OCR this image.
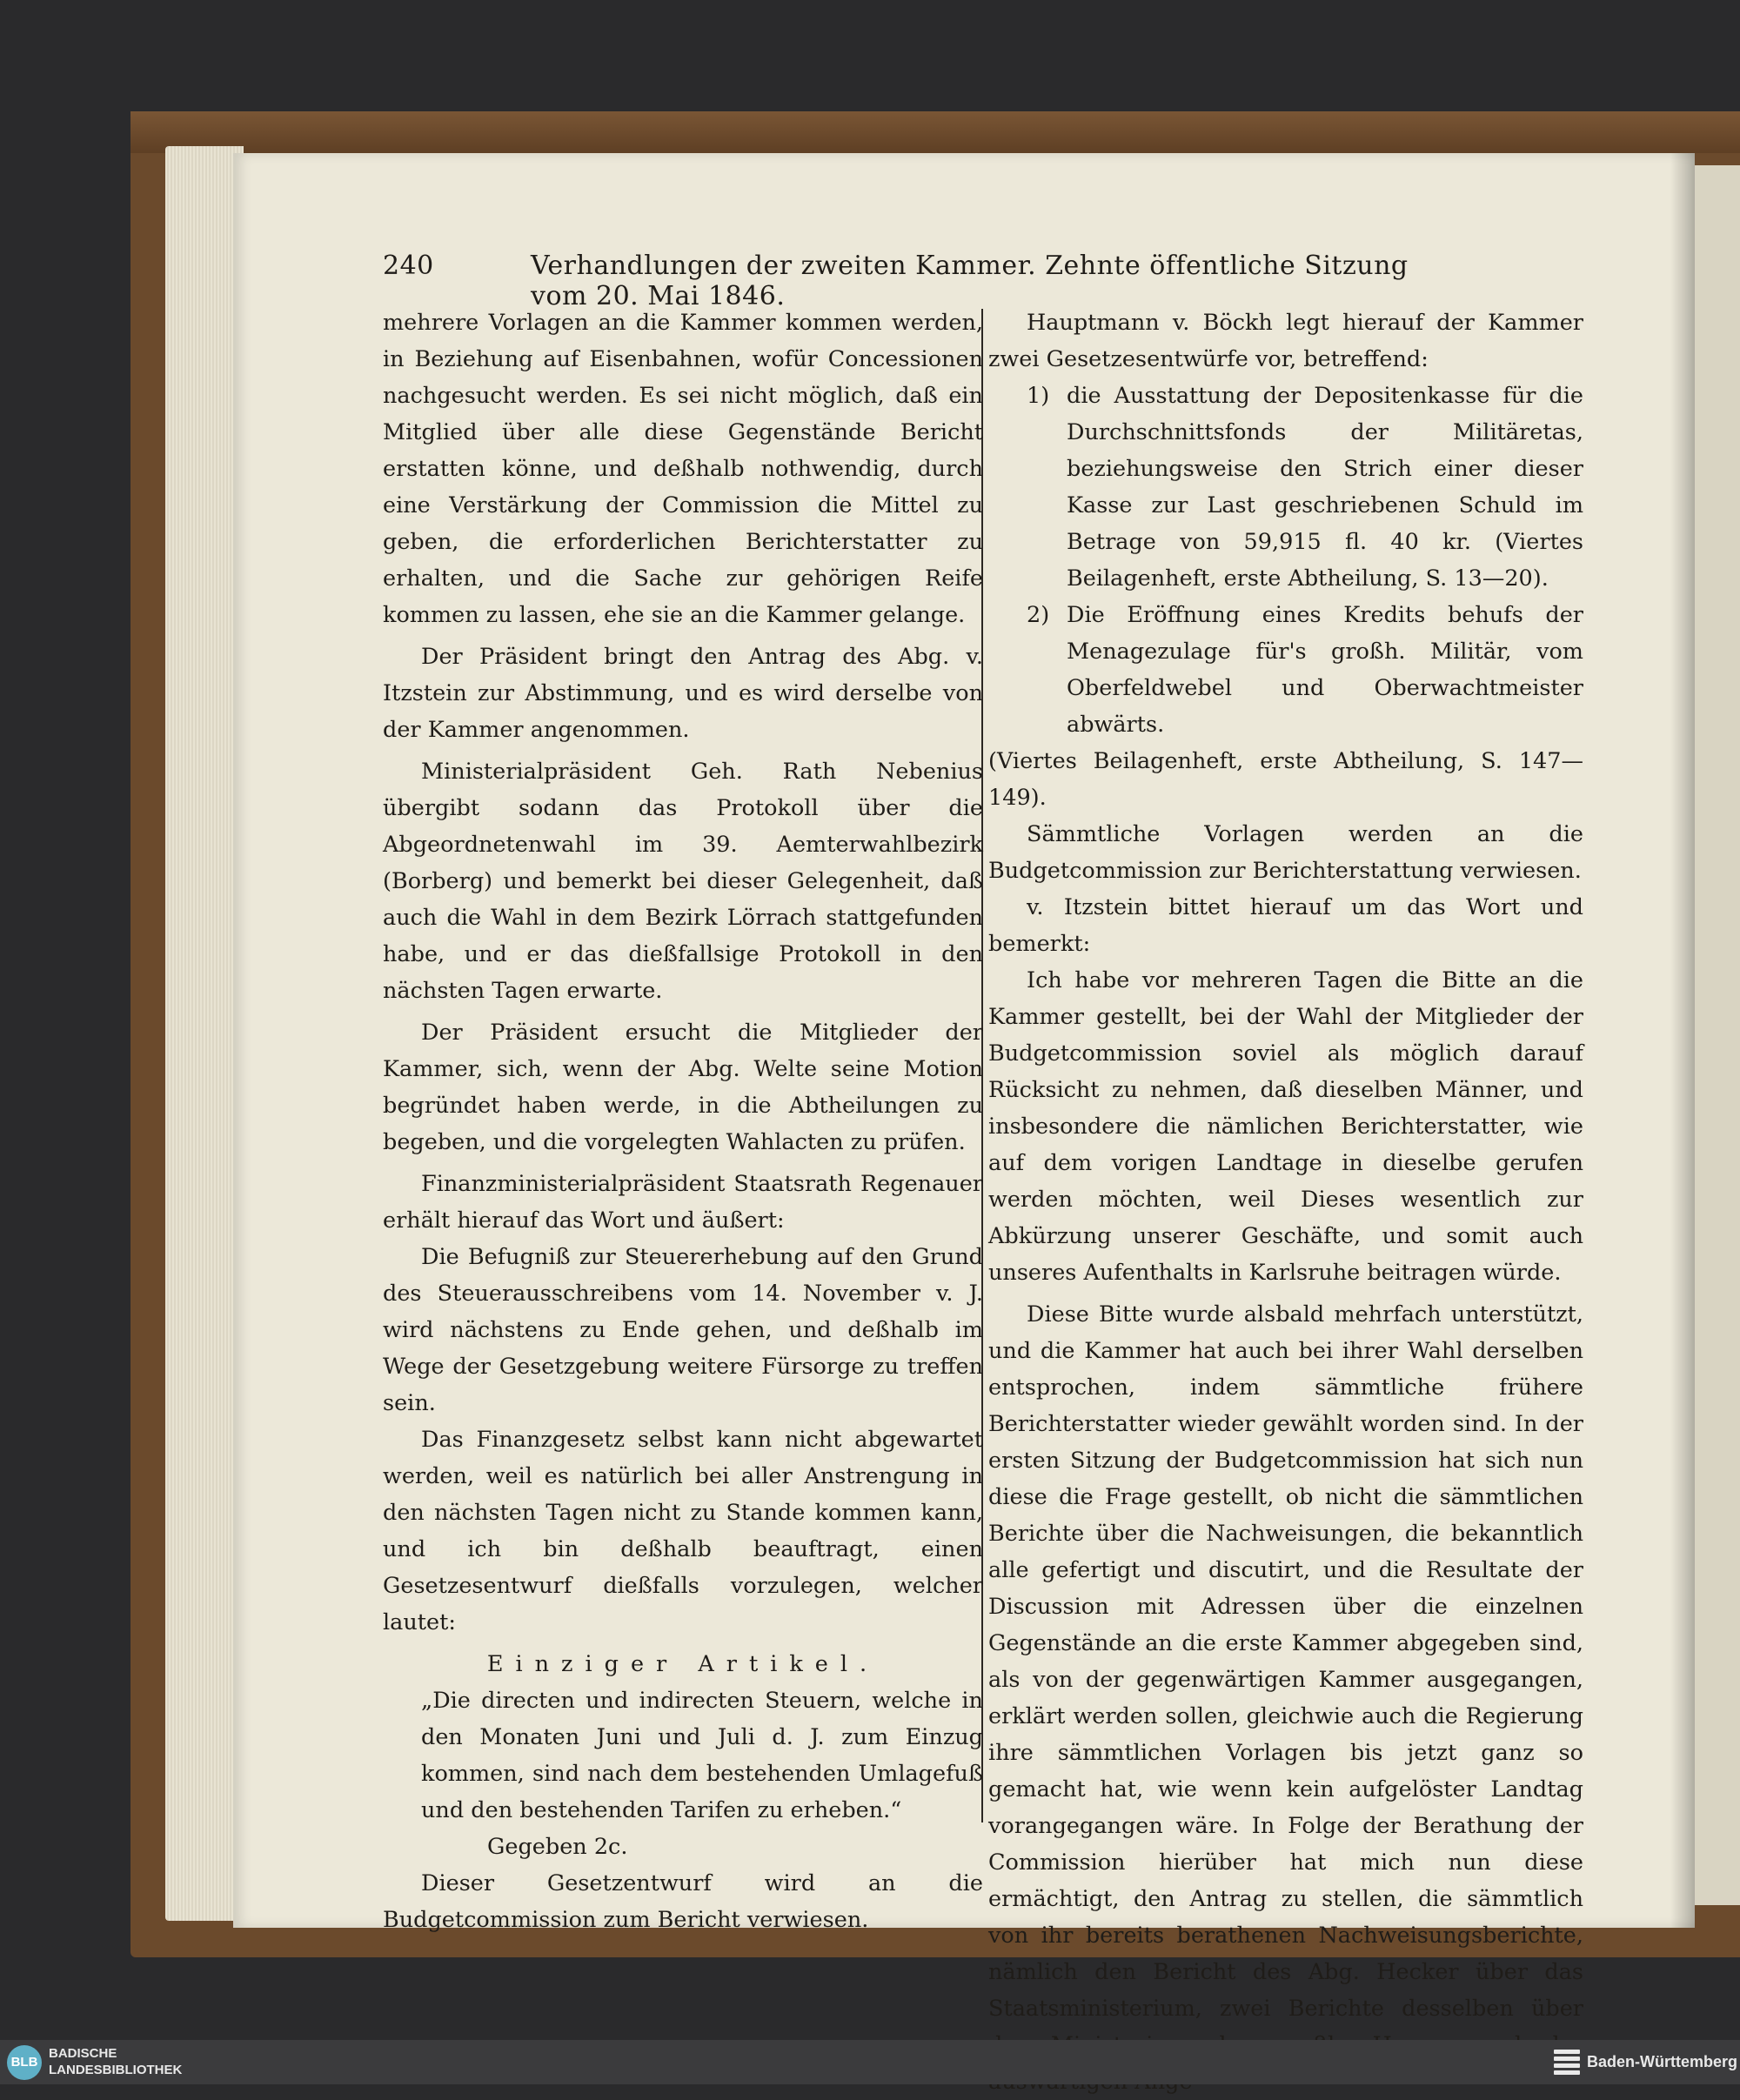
240	Verhandlungen der zweiten Kammer. Zehnte öffentliche Sitzung vom 20. Mai 1846.

mehrere Vorlagen an die Kammer kommen werden, in Beziehung auf Eisenbahnen, wofür Concessionen nachgesucht werden. Es sei nicht möglich, daß ein Mitglied über alle diese Gegenstände Bericht erstatten könne, und deßhalb nothwendig, durch eine Verstärkung der Commission die Mittel zu geben, die erforderlichen Berichterstatter zu erhalten, und die Sache zur gehörigen Reife kommen zu lassen, ehe sie an die Kammer gelange.

Der Präsident bringt den Antrag des Abg. v. Itzstein zur Abstimmung, und es wird derselbe von der Kammer angenommen.

Ministerialpräsident Geh. Rath Nebenius übergibt sodann das Protokoll über die Abgeordnetenwahl im 39. Aemterwahlbezirk (Borberg) und bemerkt bei dieser Gelegenheit, daß auch die Wahl in dem Bezirk Lörrach stattgefunden habe, und er das dießfallsige Protokoll in den nächsten Tagen erwarte.

Der Präsident ersucht die Mitglieder der Kammer, sich, wenn der Abg. Welte seine Motion begründet haben werde, in die Abtheilungen zu begeben, und die vorgelegten Wahlacten zu prüfen.

Finanzministerialpräsident Staatsrath Regenauer erhält hierauf das Wort und äußert:

Die Befugniß zur Steuererhebung auf den Grund des Steuerausschreibens vom 14. November v. J. wird nächstens zu Ende gehen, und deßhalb im Wege der Gesetzgebung weitere Fürsorge zu treffen sein.

Das Finanzgesetz selbst kann nicht abgewartet werden, weil es natürlich bei aller Anstrengung in den nächsten Tagen nicht zu Stande kommen kann, und ich bin deßhalb beauftragt, einen Gesetzesentwurf dießfalls vorzulegen, welcher lautet:

Einziger Artikel.

„Die directen und indirecten Steuern, welche in den Monaten Juni und Juli d. J. zum Einzug kommen, sind nach dem bestehenden Umlagefuß und den bestehenden Tarifen zu erheben.“

Gegeben 2c.

Dieser Gesetzentwurf wird an die Budgetcommission zum Bericht verwiesen.

Hauptmann v. Böckh legt hierauf der Kammer zwei Gesetzesentwürfe vor, betreffend:

1) die Ausstattung der Depositenkasse für die Durchschnittsfonds der Militäretas, beziehungsweise den Strich einer dieser Kasse zur Last geschriebenen Schuld im Betrage von 59,915 fl. 40 kr. (Viertes Beilagenheft, erste Abtheilung, S. 13—20).
2) Die Eröffnung eines Kredits behufs der Menagezulage für's großh. Militär, vom Oberfeldwebel und Oberwachtmeister abwärts.

(Viertes Beilagenheft, erste Abtheilung, S. 147—149).

Sämmtliche Vorlagen werden an die Budgetcommission zur Berichterstattung verwiesen.

v. Itzstein bittet hierauf um das Wort und bemerkt:

Ich habe vor mehreren Tagen die Bitte an die Kammer gestellt, bei der Wahl der Mitglieder der Budgetcommission soviel als möglich darauf Rücksicht zu nehmen, daß dieselben Männer, und insbesondere die nämlichen Berichterstatter, wie auf dem vorigen Landtage in dieselbe gerufen werden möchten, weil Dieses wesentlich zur Abkürzung unserer Geschäfte, und somit auch unseres Aufenthalts in Karlsruhe beitragen würde.

Diese Bitte wurde alsbald mehrfach unterstützt, und die Kammer hat auch bei ihrer Wahl derselben entsprochen, indem sämmtliche frühere Berichterstatter wieder gewählt worden sind. In der ersten Sitzung der Budgetcommission hat sich nun diese die Frage gestellt, ob nicht die sämmtlichen Berichte über die Nachweisungen, die bekanntlich alle gefertigt und discutirt, und die Resultate der Discussion mit Adressen über die einzelnen Gegenstände an die erste Kammer abgegeben sind, als von der gegenwärtigen Kammer ausgegangen, erklärt werden sollen, gleichwie auch die Regierung ihre sämmtlichen Vorlagen bis jetzt ganz so gemacht hat, wie wenn kein aufgelöster Landtag vorangegangen wäre. In Folge der Berathung der Commission hierüber hat mich nun diese ermächtigt, den Antrag zu stellen, die sämmtlich von ihr bereits berathenen Nachweisungsberichte, nämlich den Bericht des Abg. Hecker über das Staatsministerium, zwei Berichte desselben über

BLB
BADISCHE
LANDESBIBLIOTHEK	Baden-Württemberg
